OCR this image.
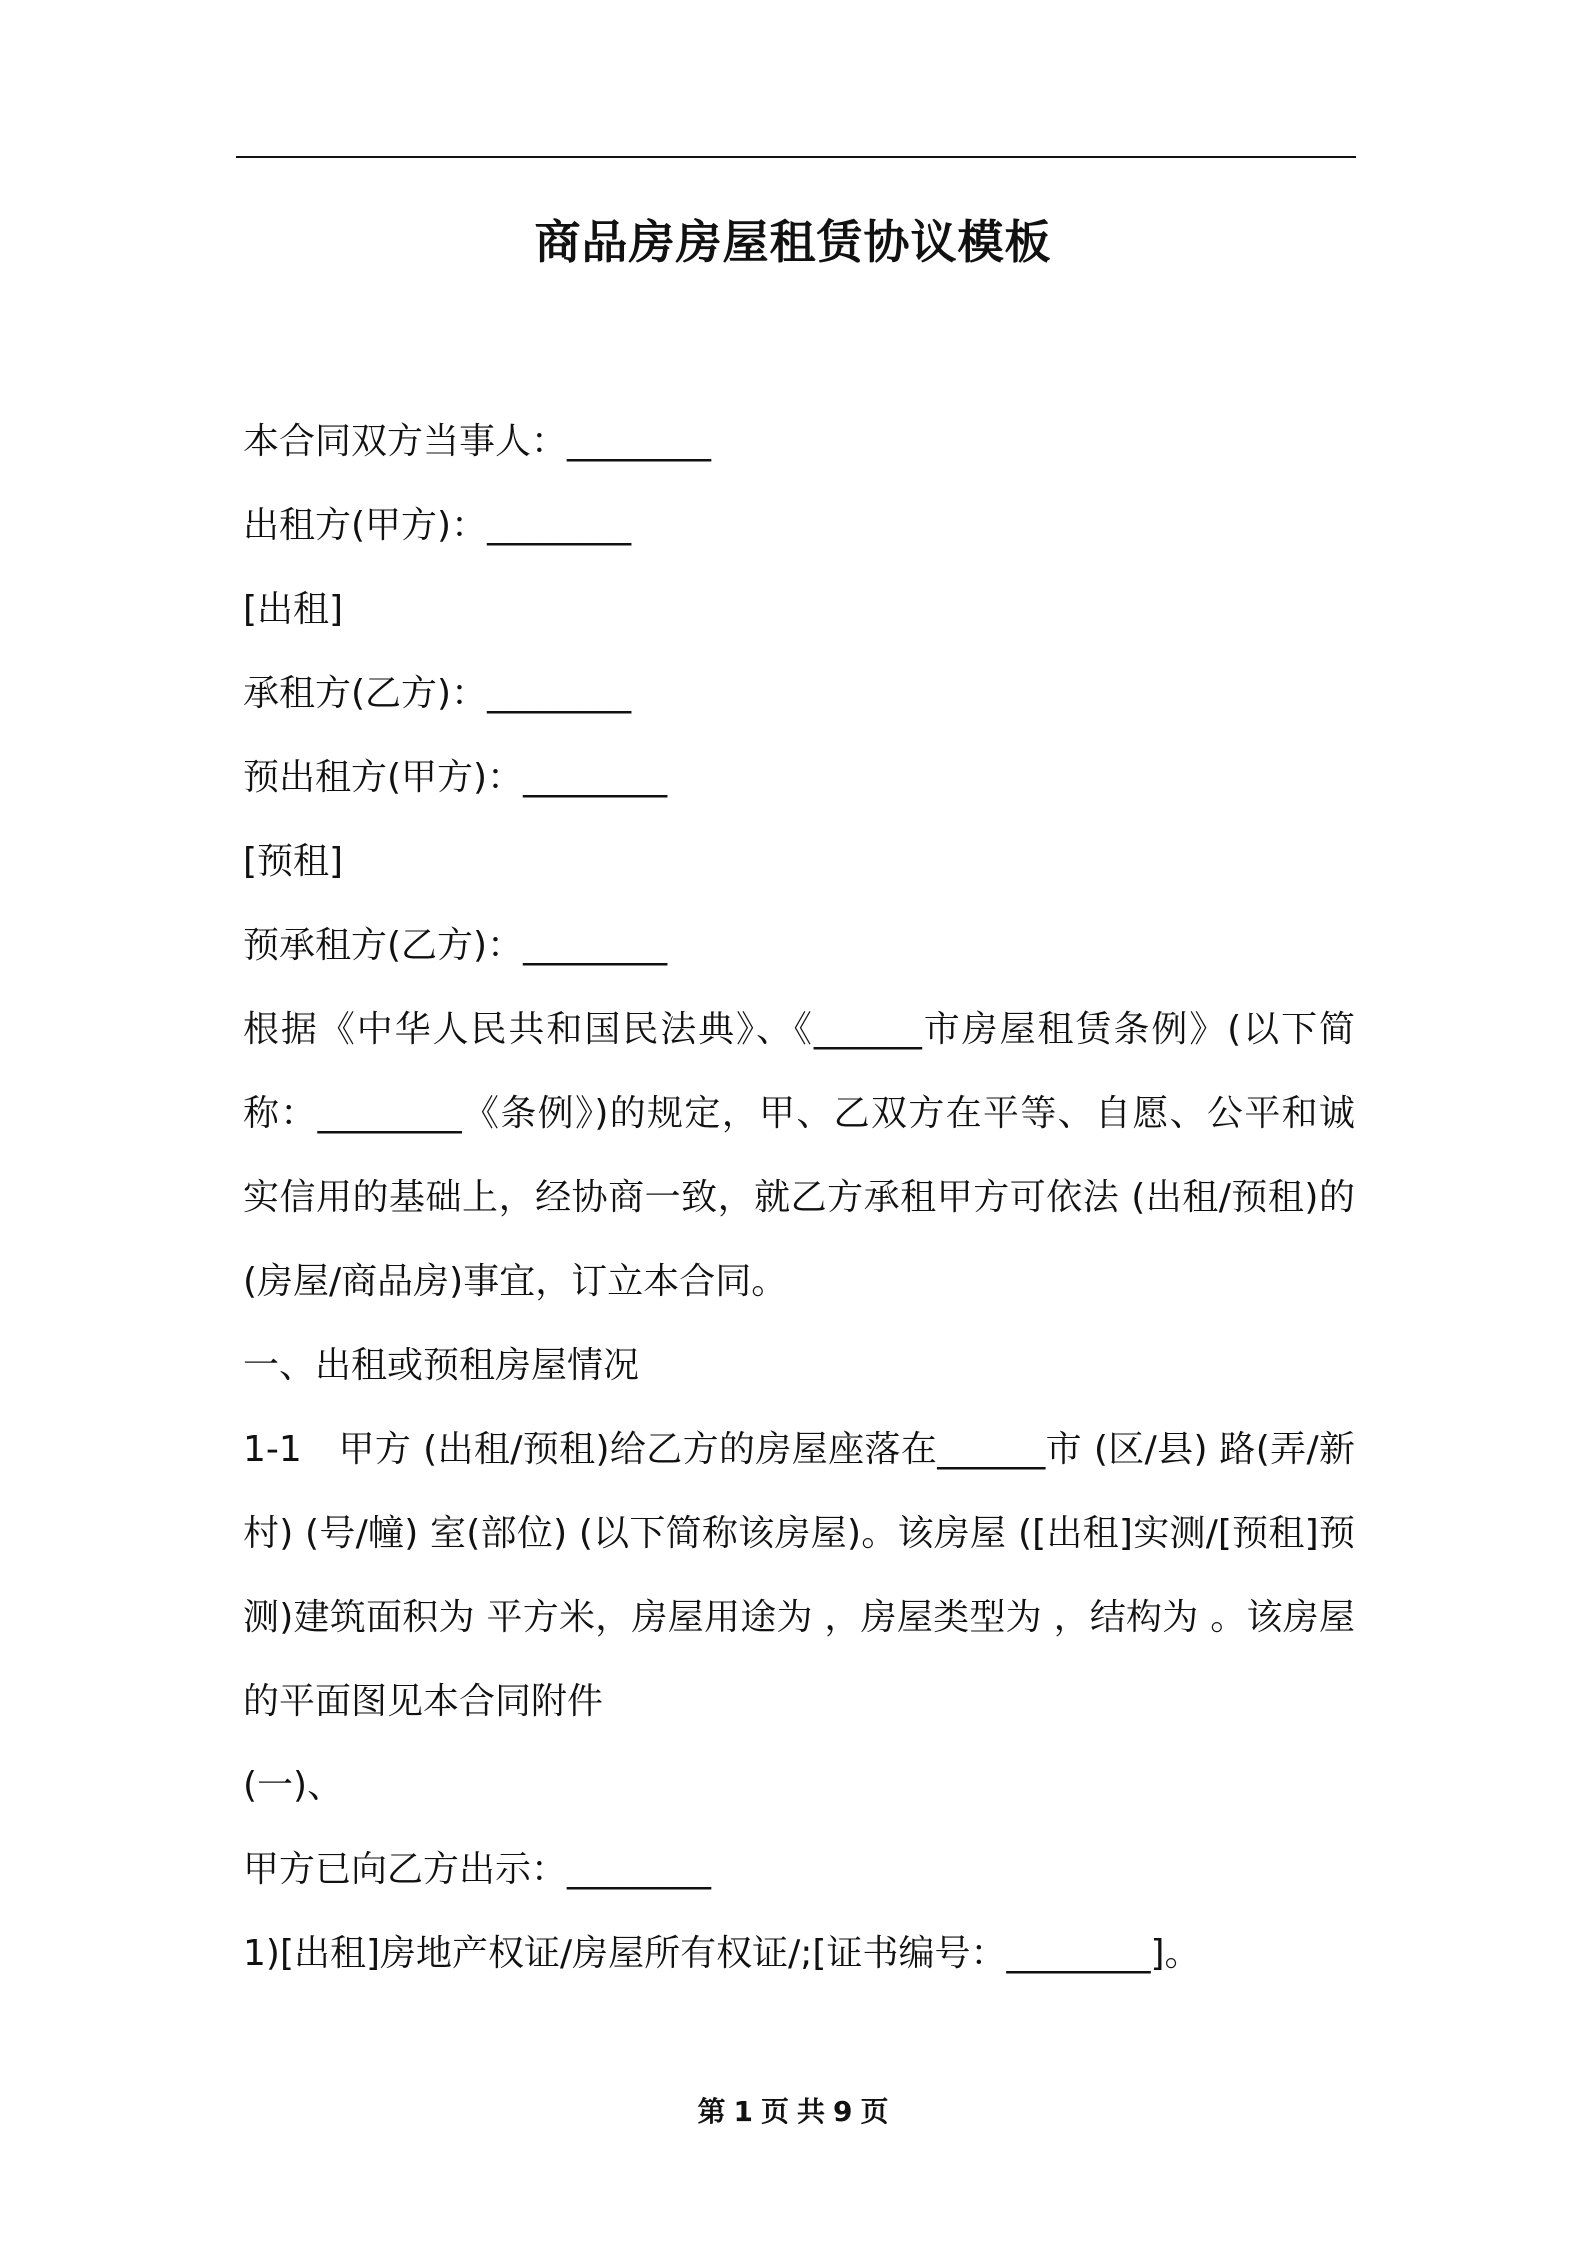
商品房房屋租赁协议模板

本合同双方当事人：________

出租方(甲方)：________

[出租]

承租方(乙方)：________

预出租方(甲方)：________

[预租]

预承租方(乙方)：________

根据《中华人民共和国民法典》、《______市房屋租赁条例》(以下简称：________《条例》)的规定，甲、乙双方在平等、自愿、公平和诚实信用的基础上，经协商一致，就乙方承租甲方可依法 (出租/预租)的 (房屋/商品房)事宜，订立本合同。

一、出租或预租房屋情况

1-1　甲方 (出租/预租)给乙方的房屋座落在______市 (区/县) 路(弄/新村) (号/幢) 室(部位) (以下简称该房屋)。该房屋 ([出租]实测/[预租]预测)建筑面积为 平方米，房屋用途为 ，房屋类型为 ，结构为 。该房屋的平面图见本合同附件

(一)、

甲方已向乙方出示：________

1)[出租]房地产权证/房屋所有权证/;[证书编号：________]。

第 1 页 共 9 页
